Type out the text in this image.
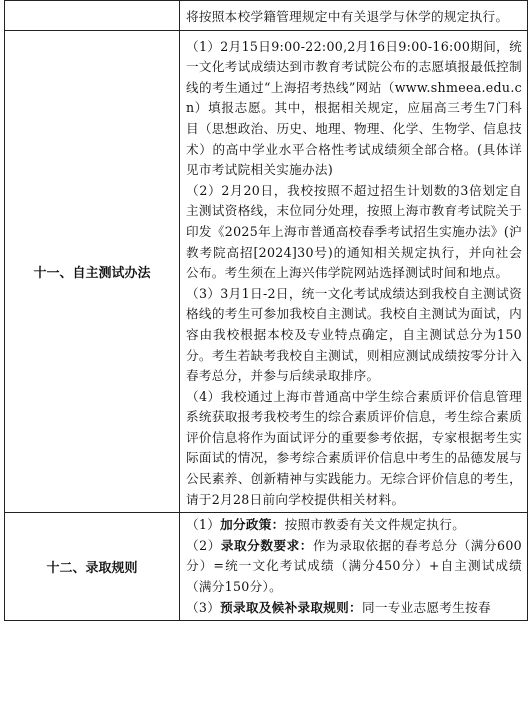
	将按照本校学籍管理规定中有关退学与休学的规定执行。

十一、自主测试办法	（1）2月15日9:00-22:00,2月16日9:00-16:00期间，统一文化考试成绩达到市教育考试院公布的志愿填报最低控制线的考生通过“上海招考热线”网站（www.shmeea.edu.cn）填报志愿。其中，根据相关规定，应届高三考生7门科目（思想政治、历史、地理、物理、化学、生物学、信息技术）的高中学业水平合格性考试成绩须全部合格。(具体详见市考试院相关实施办法)

（2）2月20日，我校按照不超过招生计划数的3倍划定自主测试资格线，末位同分处理，按照上海市教育考试院关于印发《2025年上海市普通高校春季考试招生实施办法》(沪教考院高招[2024]30号)的通知相关规定执行，并向社会公布。考生须在上海兴伟学院网站选择测试时间和地点。

（3）3月1日-2日，统一文化考试成绩达到我校自主测试资格线的考生可参加我校自主测试。我校自主测试为面试，内容由我校根据本校及专业特点确定，自主测试总分为150分。考生若缺考我校自主测试，则相应测试成绩按零分计入春考总分，并参与后续录取排序。

（4）我校通过上海市普通高中学生综合素质评价信息管理系统获取报考我校考生的综合素质评价信息，考生综合素质评价信息将作为面试评分的重要参考依据，专家根据考生实际面试的情况，参考综合素质评价信息中考生的品德发展与公民素养、创新精神与实践能力。无综合评价信息的考生，请于2月28日前向学校提供相关材料。

十二、录取规则	（1）加分政策：按照市教委有关文件规定执行。

（2）录取分数要求：作为录取依据的春考总分（满分600分）=统一文化考试成绩（满分450分）+自主测试成绩（满分150分）。

（3）预录取及候补录取规则：同一专业志愿考生按春
